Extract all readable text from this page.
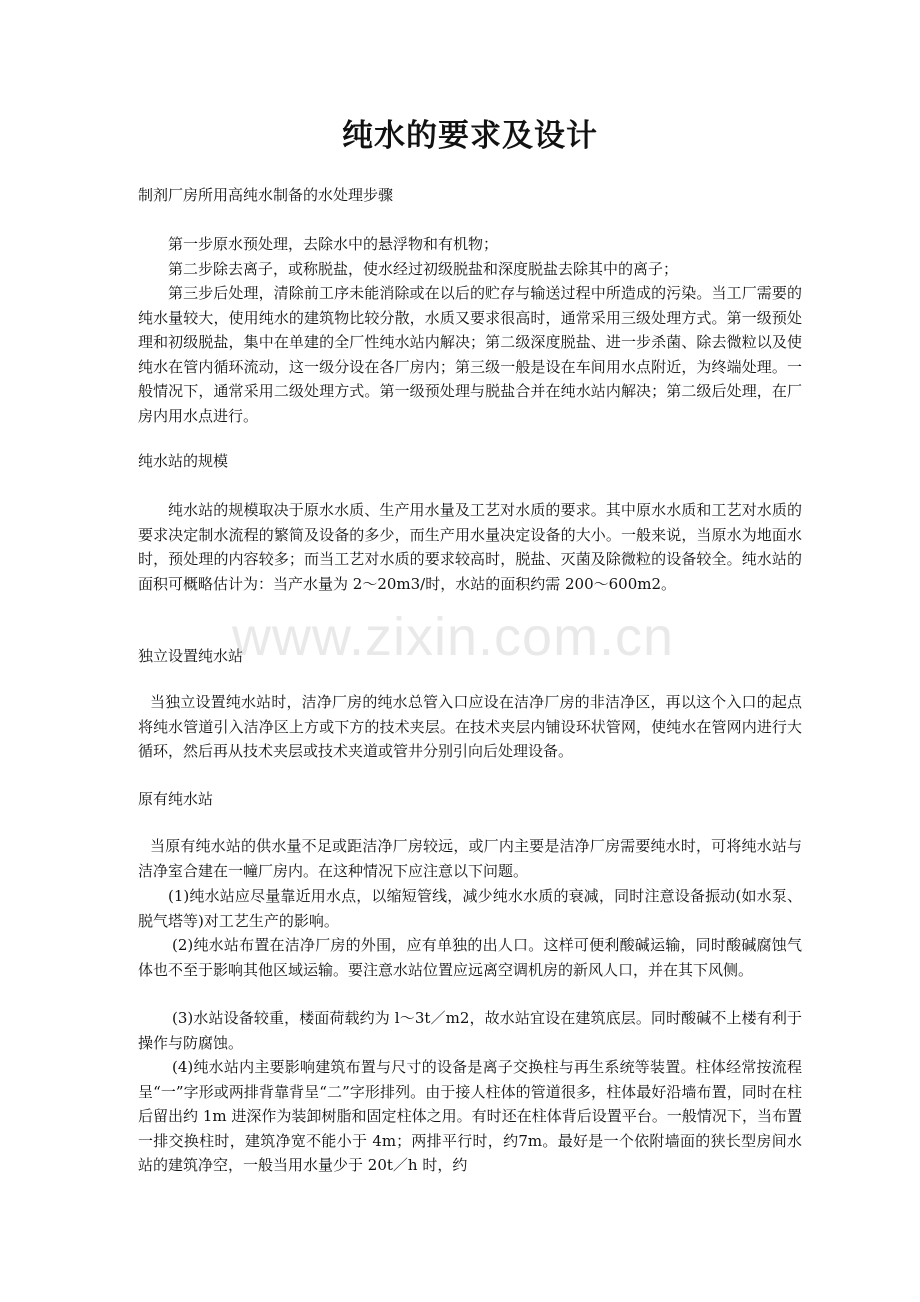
纯水的要求及设计

制剂厂房所用高纯水制备的水处理步骤

第一步原水预处理，去除水中的悬浮物和有机物；

第二步除去离子，或称脱盐，使水经过初级脱盐和深度脱盐去除其中的离子；

第三步后处理，清除前工序未能消除或在以后的贮存与输送过程中所造成的污染。当工厂需要的纯水量较大，使用纯水的建筑物比较分散，水质又要求很高时，通常采用三级处理方式。第一级预处理和初级脱盐，集中在单建的全厂性纯水站内解决；第二级深度脱盐、进一步杀菌、除去微粒以及使纯水在管内循环流动，这一级分设在各厂房内；第三级一般是设在车间用水点附近，为终端处理。一般情况下，通常采用二级处理方式。第一级预处理与脱盐合并在纯水站内解决；第二级后处理，在厂房内用水点进行。

纯水站的规模

纯水站的规模取决于原水水质、生产用水量及工艺对水质的要求。其中原水水质和工艺对水质的要求决定制水流程的繁简及设备的多少，而生产用水量决定设备的大小。一般来说，当原水为地面水时，预处理的内容较多；而当工艺对水质的要求较高时，脱盐、灭菌及除微粒的设备较全。纯水站的面积可概略估计为：当产水量为 2～20m3/时，水站的面积约需 200～600m2。

独立设置纯水站

当独立设置纯水站时，洁净厂房的纯水总管入口应设在洁净厂房的非洁净区，再以这个入口的起点将纯水管道引入洁净区上方或下方的技术夹层。在技术夹层内铺设环状管网，使纯水在管网内进行大循环，然后再从技术夹层或技术夹道或管井分别引向后处理设备。

原有纯水站

当原有纯水站的供水量不足或距洁净厂房较远，或厂内主要是洁净厂房需要纯水时，可将纯水站与洁净室合建在一幢厂房内。在这种情况下应注意以下问题。

(1)纯水站应尽量靠近用水点，以缩短管线，减少纯水水质的衰减，同时注意设备振动(如水泵、脱气塔等)对工艺生产的影响。

(2)纯水站布置在洁净厂房的外围，应有单独的出人口。这样可便利酸碱运输，同时酸碱腐蚀气体也不至于影响其他区域运输。要注意水站位置应远离空调机房的新风人口，并在其下风侧。

(3)水站设备较重，楼面荷载约为 l～3t／m2，故水站宜设在建筑底层。同时酸碱不上楼有利于操作与防腐蚀。

(4)纯水站内主要影响建筑布置与尺寸的设备是离子交换柱与再生系统等装置。柱体经常按流程呈“一”字形或两排背靠背呈“二”字形排列。由于接人柱体的管道很多，柱体最好沿墙布置，同时在柱后留出约 1m 进深作为装卸树脂和固定柱体之用。有时还在柱体背后设置平台。一般情况下，当布置一排交换柱时，建筑净宽不能小于 4m；两排平行时，约7m。最好是一个依附墙面的狭长型房间水站的建筑净空，一般当用水量少于 20t／h 时，约

www.zixin.com.cn
